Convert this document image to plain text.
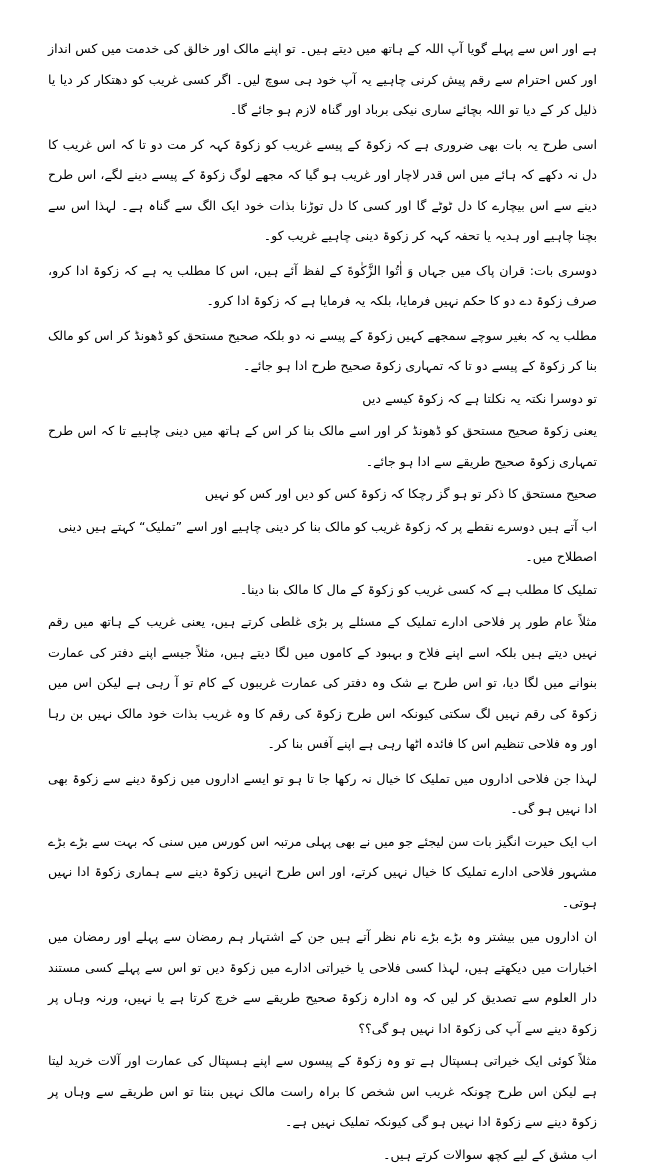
ہے اور اس سے پہلے گویا آپ اللہ کے ہاتھ میں دیتے ہیں۔ تو اپنے مالک اور خالق کی خدمت میں کس انداز اور کس احترام سے رقم پیش کرنی چاہیے یہ آپ خود ہی سوچ لیں۔ اگر کسی غریب کو دھتکار کر دیا یا ذلیل کر کے دیا تو اللہ بچائے ساری نیکی برباد اور گناہ لازم ہو جائے گا۔

اسی طرح یہ بات بھی ضروری ہے کہ زکوۃ کے پیسے غریب کو زکوۃ کہہ کر مت دو تا کہ اس غریب کا دل نہ دکھے کہ ہائے میں اس قدر لاچار اور غریب ہو گیا کہ مجھے لوگ زکوۃ کے پیسے دینے لگے، اس طرح دینے سے اس بیچارے کا دل ٹوٹے گا اور کسی کا دل توڑنا بذات خود ایک الگ سے گناہ ہے۔ لہذا اس سے بچنا چاہیے اور ہدیہ یا تحفہ کہہ کر زکوۃ دینی چاہیے غریب کو۔

دوسری بات: قران پاک میں جہاں وَ اٰتُوا الزَّكٰوةَ کے لفظ آئے ہیں، اس کا مطلب یہ ہے کہ زکوۃ ادا کرو، صرف زکوۃ دے دو کا حکم نہیں فرمایا، بلکہ یہ فرمایا ہے کہ زکوۃ ادا کرو۔

مطلب یہ کہ بغیر سوچے سمجھے کہیں زکوۃ کے پیسے نہ دو بلکہ صحیح مستحق کو ڈھونڈ کر اس کو مالک بنا کر زکوۃ کے پیسے دو تا کہ تمہاری زکوۃ صحیح طرح ادا ہو جائے۔

تو دوسرا نکتہ یہ نکلتا ہے کہ زکوۃ کیسے دیں

یعنی زکوۃ صحیح مستحق کو ڈھونڈ کر اور اسے مالک بنا کر اس کے ہاتھ میں دینی چاہیے تا کہ اس طرح تمہاری زکوۃ صحیح طریقے سے ادا ہو جائے۔

صحیح مستحق کا ذکر تو ہو گز رچکا کہ زکوۃ کس کو دیں اور کس کو نہیں

اب آتے ہیں دوسرے نقطے پر کہ زکوۃ غریب کو مالک بنا کر دینی چاہیے اور اسے ”تملیک“ کہتے ہیں دینی اصطلاح میں۔

تملیک کا مطلب ہے کہ کسی غریب کو زکوۃ کے مال کا مالک بنا دینا۔

مثلاً عام طور پر فلاحی ادارے تملیک کے مسئلے پر بڑی غلطی کرتے ہیں، یعنی غریب کے ہاتھ میں رقم نہیں دیتے ہیں بلکہ اسے اپنے فلاح و بہبود کے کاموں میں لگا دیتے ہیں، مثلاً جیسے اپنے دفتر کی عمارت بنوانے میں لگا دیا، تو اس طرح بے شک وہ دفتر کی عمارت غریبوں کے کام تو آ رہی ہے لیکن اس میں زکوۃ کی رقم نہیں لگ سکتی کیونکہ اس طرح زکوۃ کی رقم کا وہ غریب بذات خود مالک نہیں بن رہا اور وہ فلاحی تنظیم اس کا فائدہ اٹھا رہی ہے اپنے آفس بنا کر۔

لہذا جن فلاحی اداروں میں تملیک کا خیال نہ رکھا جا تا ہو تو ایسے اداروں میں زکوۃ دینے سے زکوۃ بھی ادا نہیں ہو گی۔

اب ایک حیرت انگیز بات سن لیجئے جو میں نے بھی پہلی مرتبہ اس کورس میں سنی کہ بہت سے بڑے بڑے مشہور فلاحی ادارے تملیک کا خیال نہیں کرتے، اور اس طرح انہیں زکوۃ دینے سے ہماری زکوۃ ادا نہیں ہوتی۔

ان اداروں میں بیشتر وہ بڑے بڑے نام نظر آتے ہیں جن کے اشتہار ہم رمضان سے پہلے اور رمضان میں اخبارات میں دیکھتے ہیں، لہذا کسی فلاحی یا خیراتی ادارے میں زکوۃ دیں تو اس سے پہلے کسی مستند دار العلوم سے تصدیق کر لیں کہ وہ ادارہ زکوۃ صحیح طریقے سے خرچ کرتا ہے یا نہیں، ورنہ وہاں پر زکوۃ دینے سے آپ کی زکوۃ ادا نہیں ہو گی؟؟

مثلاً کوئی ایک خیراتی ہسپتال ہے تو وہ زکوۃ کے پیسوں سے اپنے ہسپتال کی عمارت اور آلات خرید لیتا ہے لیکن اس طرح چونکہ غریب اس شخص کا براہ راست مالک نہیں بنتا تو اس طریقے سے وہاں پر زکوۃ دینے سے زکوۃ ادا نہیں ہو گی کیونکہ تملیک نہیں ہے۔

اب مشق کے لیے کچھ سوالات کرتے ہیں۔
